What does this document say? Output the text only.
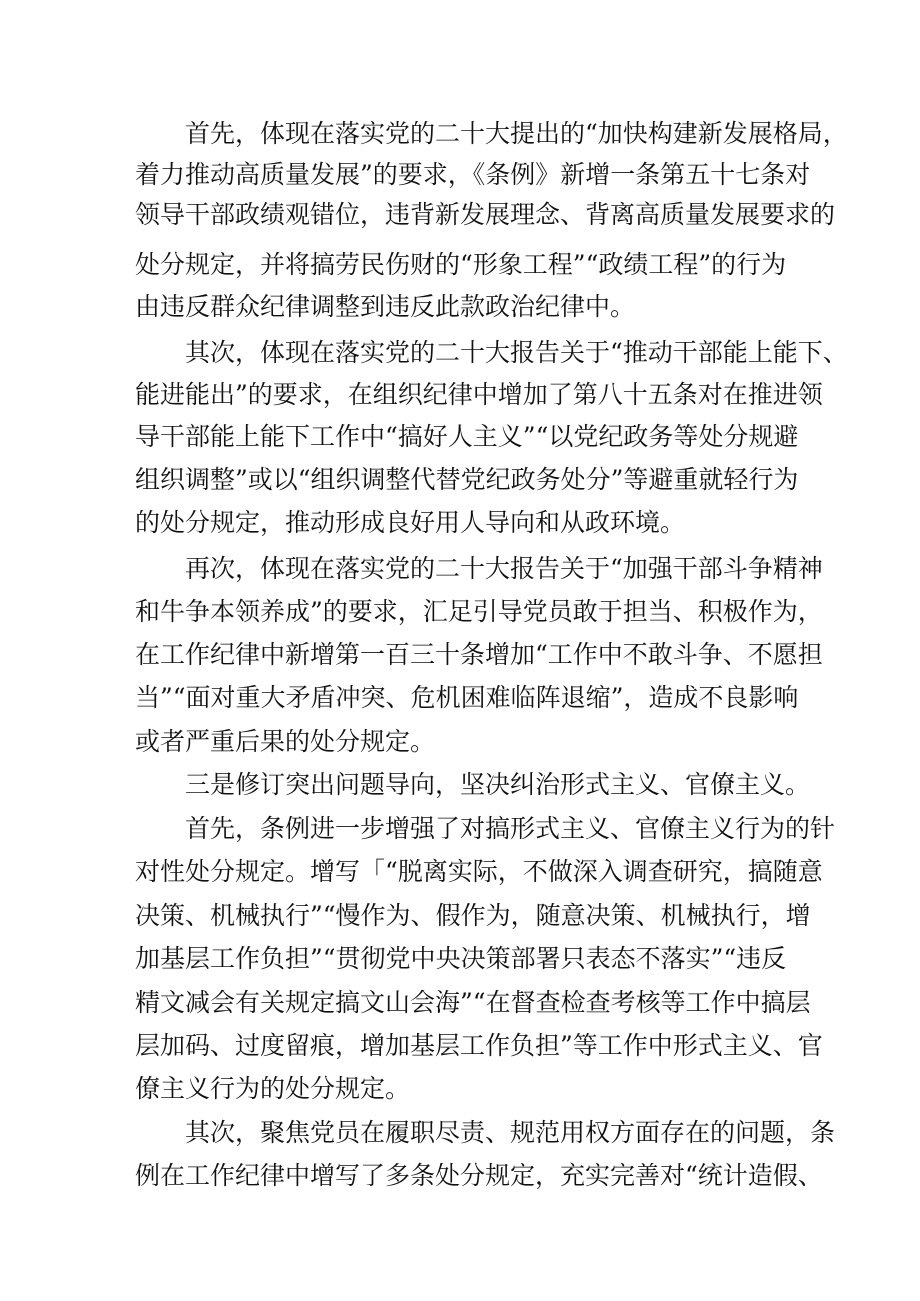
首先，体现在落实党的二十大提出的“加快构建新发展格局，
着力推动高质量发展”的要求，《条例》新增一条第五十七条对
领导干部政绩观错位，违背新发展理念、背离高质量发展要求的
处分规定，并将搞劳民伤财的“形象工程”“政绩工程”的行为
由违反群众纪律调整到违反此款政治纪律中。
其次，体现在落实党的二十大报告关于“推动干部能上能下、
能进能出”的要求，在组织纪律中增加了第八十五条对在推进领
导干部能上能下工作中“搞好人主义”“以党纪政务等处分规避
组织调整”或以“组织调整代替党纪政务处分”等避重就轻行为
的处分规定，推动形成良好用人导向和从政环境。
再次，体现在落实党的二十大报告关于“加强干部斗争精神
和牛争本领养成”的要求，汇足引导党员敢于担当、积极作为，
在工作纪律中新增第一百三十条增加“工作中不敢斗争、不愿担
当”“面对重大矛盾冲突、危机困难临阵退缩”，造成不良影响
或者严重后果的处分规定。
三是修订突出问题导向，坚决纠治形式主义、官僚主义。
首先，条例进一步增强了对搞形式主义、官僚主义行为的针
对性处分规定。增写「“脱离实际，不做深入调查研究，搞随意
决策、机械执行”“慢作为、假作为，随意决策、机械执行，增
加基层工作负担”“贯彻党中央决策部署只表态不落实”“违反
精文减会有关规定搞文山会海”“在督查检查考核等工作中搞层
层加码、过度留痕，增加基层工作负担”等工作中形式主义、官
僚主义行为的处分规定。
其次，聚焦党员在履职尽责、规范用权方面存在的问题，条
例在工作纪律中增写了多条处分规定，充实完善对“统计造假、
